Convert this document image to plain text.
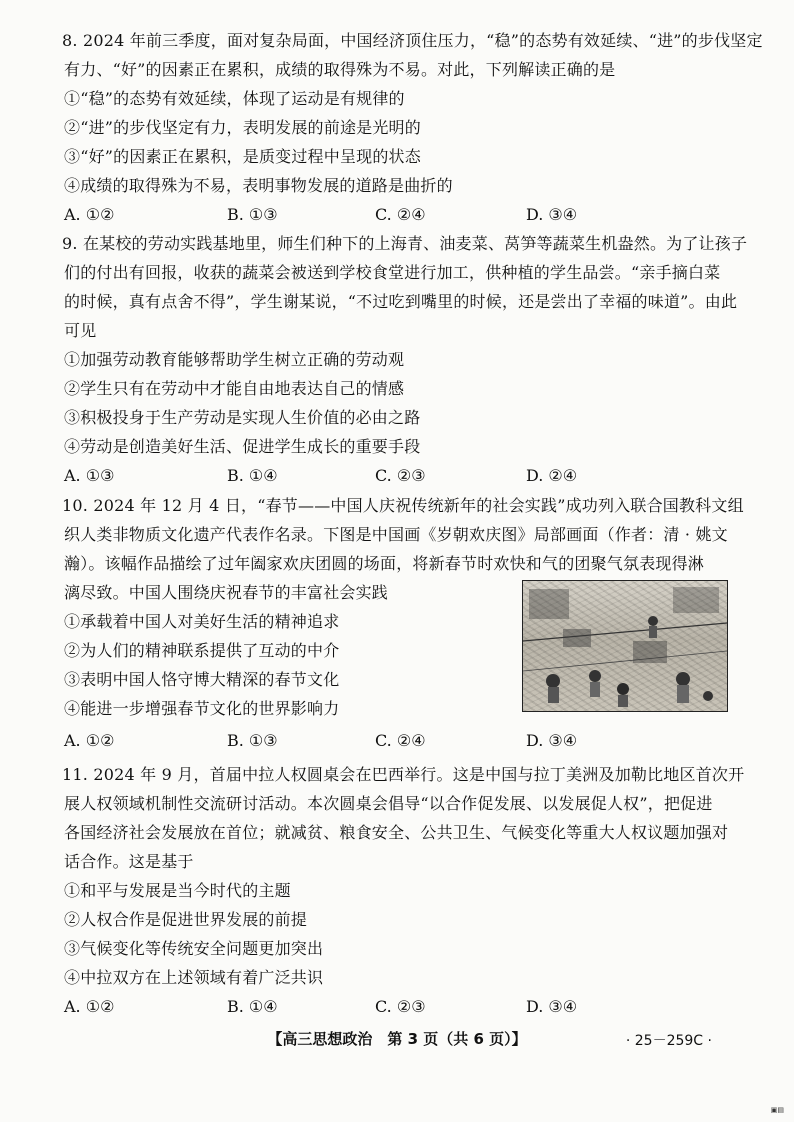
8. 2024 年前三季度，面对复杂局面，中国经济顶住压力，“稳”的态势有效延续、“进”的步伐坚定
有力、“好”的因素正在累积，成绩的取得殊为不易。对此，下列解读正确的是
①“稳”的态势有效延续，体现了运动是有规律的
②“进”的步伐坚定有力，表明发展的前途是光明的
③“好”的因素正在累积，是质变过程中呈现的状态
④成绩的取得殊为不易，表明事物发展的道路是曲折的
A. ①②	B. ①③	C. ②④	D. ③④
9. 在某校的劳动实践基地里，师生们种下的上海青、油麦菜、莴笋等蔬菜生机盎然。为了让孩子
们的付出有回报，收获的蔬菜会被送到学校食堂进行加工，供种植的学生品尝。“亲手摘白菜
的时候，真有点舍不得”，学生谢某说，“不过吃到嘴里的时候，还是尝出了幸福的味道”。由此
可见
①加强劳动教育能够帮助学生树立正确的劳动观
②学生只有在劳动中才能自由地表达自己的情感
③积极投身于生产劳动是实现人生价值的必由之路
④劳动是创造美好生活、促进学生成长的重要手段
A. ①③	B. ①④	C. ②③	D. ②④
10. 2024 年 12 月 4 日，“春节——中国人庆祝传统新年的社会实践”成功列入联合国教科文组
织人类非物质文化遗产代表作名录。下图是中国画《岁朝欢庆图》局部画面（作者：清 · 姚文
瀚）。该幅作品描绘了过年阖家欢庆团圆的场面，将新春节时欢快和气的团聚气氛表现得淋
漓尽致。中国人围绕庆祝春节的丰富社会实践
①承载着中国人对美好生活的精神追求
②为人们的精神联系提供了互动的中介
③表明中国人恪守博大精深的春节文化
④能进一步增强春节文化的世界影响力
A. ①②	B. ①③	C. ②④	D. ③④
11. 2024 年 9 月，首届中拉人权圆桌会在巴西举行。这是中国与拉丁美洲及加勒比地区首次开
展人权领域机制性交流研讨活动。本次圆桌会倡导“以合作促发展、以发展促人权”，把促进
各国经济社会发展放在首位；就减贫、粮食安全、公共卫生、气候变化等重大人权议题加强对
话合作。这是基于
①和平与发展是当今时代的主题
②人权合作是促进世界发展的前提
③气候变化等传统安全问题更加突出
④中拉双方在上述领域有着广泛共识
A. ①②	B. ①④	C. ②③	D. ③④
【高三思想政治　第 3 页（共 6 页）】	· 25－259C ·
▣▤
